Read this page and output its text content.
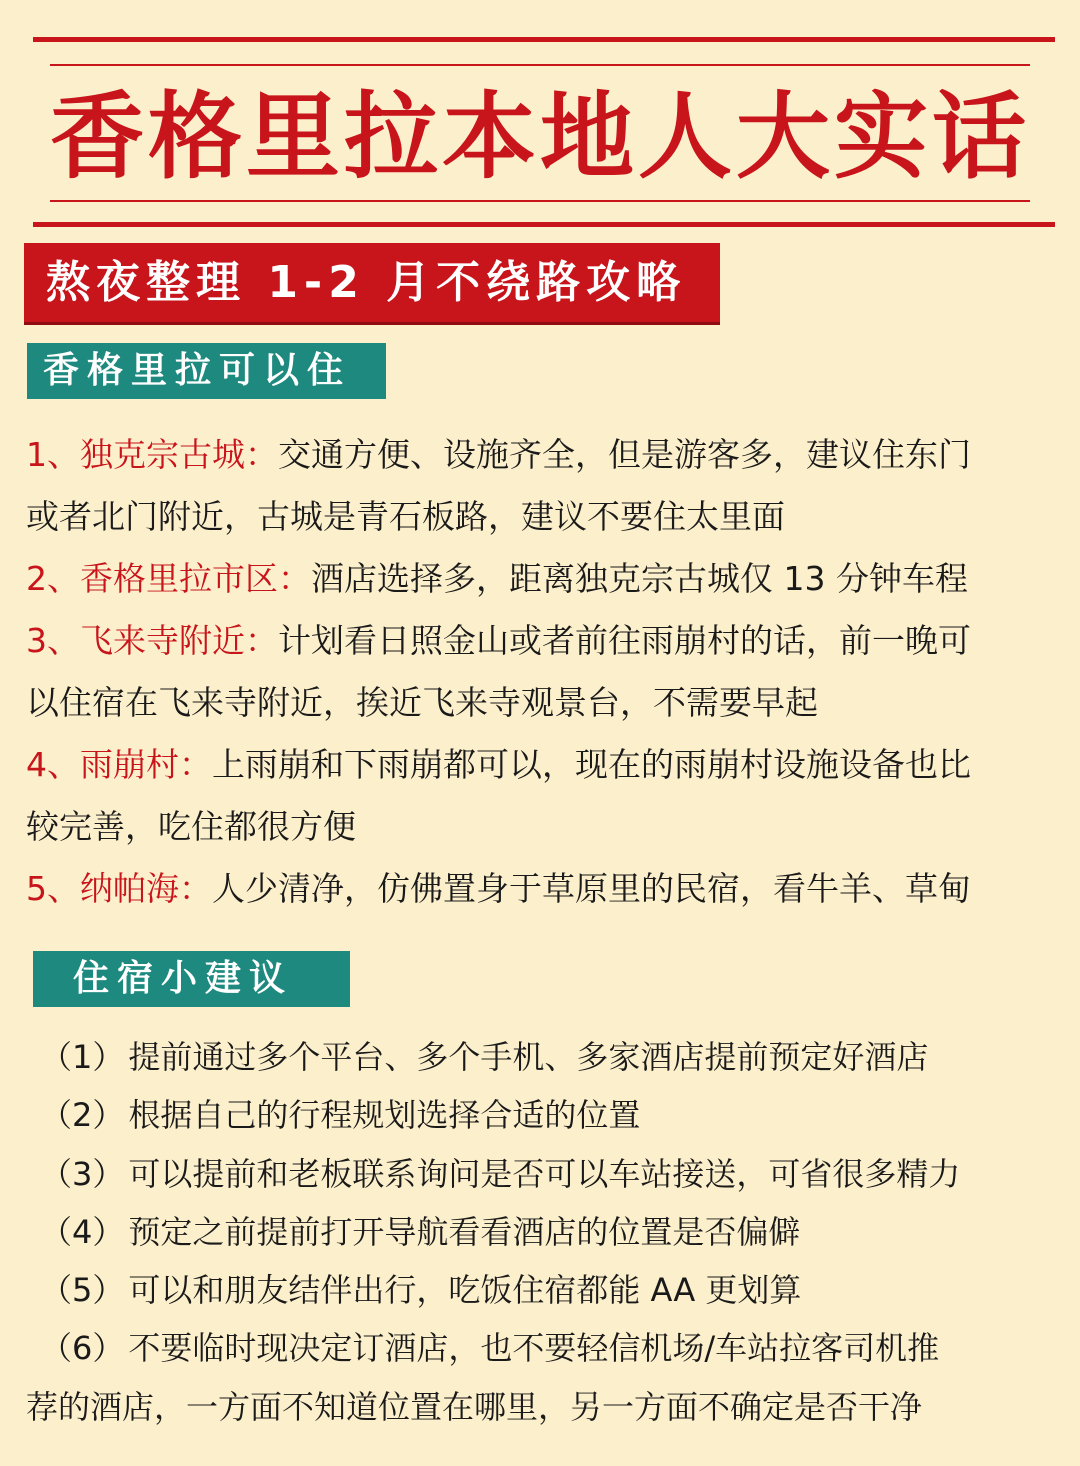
香格里拉本地人大实话
熬夜整理 1-2 月不绕路攻略
香格里拉可以住

1、独克宗古城：交通方便、设施齐全，但是游客多，建议住东门

或者北门附近，古城是青石板路，建议不要住太里面

2、香格里拉市区：酒店选择多，距离独克宗古城仅 13 分钟车程

3、飞来寺附近：计划看日照金山或者前往雨崩村的话，前一晚可

以住宿在飞来寺附近，挨近飞来寺观景台，不需要早起

4、雨崩村：上雨崩和下雨崩都可以，现在的雨崩村设施设备也比

较完善，吃住都很方便

5、纳帕海：人少清净，仿佛置身于草原里的民宿，看牛羊、草甸

住宿小建议

（1） 提前通过多个平台、多个手机、多家酒店提前预定好酒店

（2） 根据自己的行程规划选择合适的位置

（3） 可以提前和老板联系询问是否可以车站接送，可省很多精力

（4） 预定之前提前打开导航看看酒店的位置是否偏僻

（5） 可以和朋友结伴出行，吃饭住宿都能 AA 更划算

（6） 不要临时现决定订酒店，也不要轻信机场/车站拉客司机推

荐的酒店，一方面不知道位置在哪里，另一方面不确定是否干净
